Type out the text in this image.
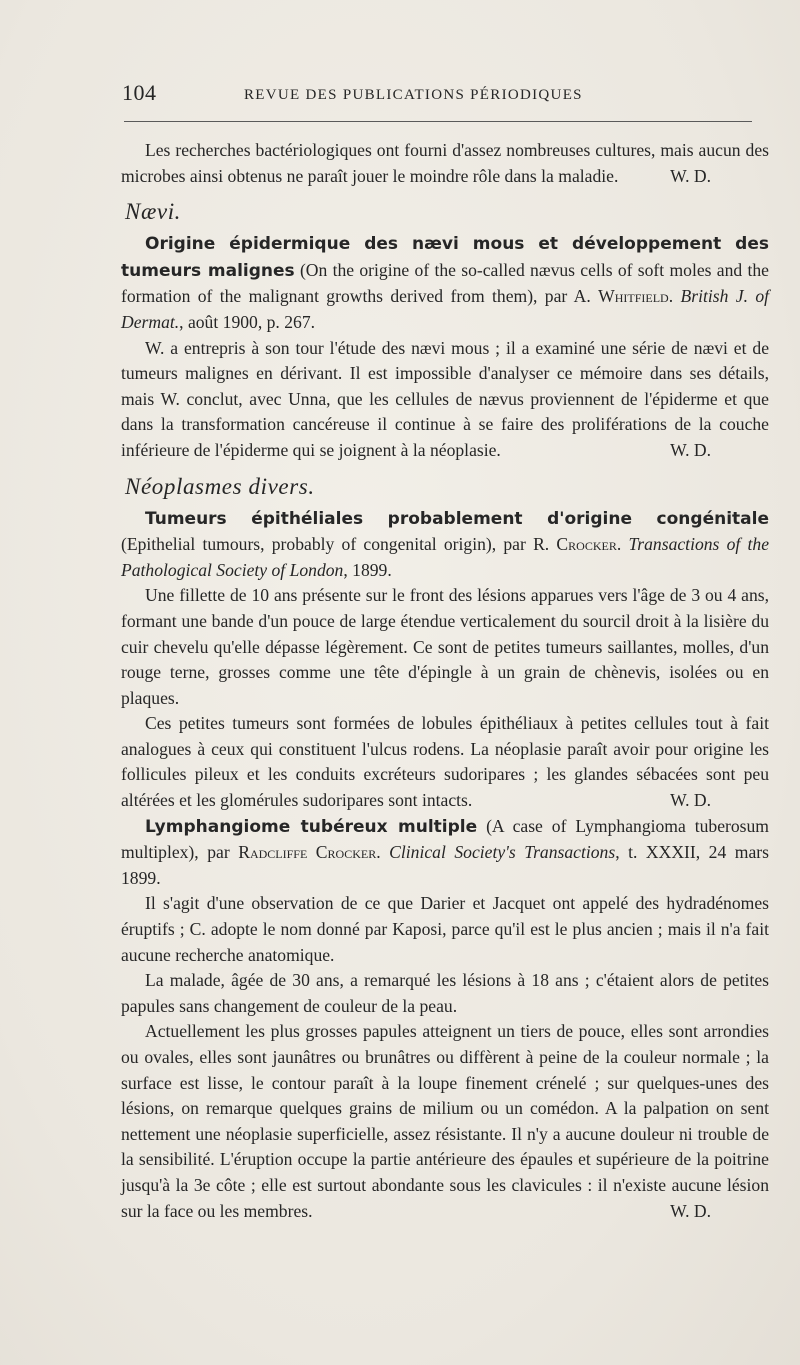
104	REVUE DES PUBLICATIONS PÉRIODIQUES

Les recherches bactériologiques ont fourni d'assez nombreuses cultures, mais aucun des microbes ainsi obtenus ne paraît jouer le moindre rôle dans la maladie.	W. D.

Nævi.

Origine épidermique des nævi mous et développement des tumeurs malignes (On the origine of the so-called nævus cells of soft moles and the formation of the malignant growths derived from them), par A. Whitfield. British J. of Dermat., août 1900, p. 267.

W. a entrepris à son tour l'étude des nævi mous ; il a examiné une série de nævi et de tumeurs malignes en dérivant. Il est impossible d'analyser ce mémoire dans ses détails, mais W. conclut, avec Unna, que les cellules de nævus proviennent de l'épiderme et que dans la transformation cancéreuse il continue à se faire des proliférations de la couche inférieure de l'épiderme qui se joignent à la néoplasie.	W. D.

Néoplasmes divers.

Tumeurs épithéliales probablement d'origine congénitale (Epithelial tumours, probably of congenital origin), par R. Crocker. Transactions of the Pathological Society of London, 1899.

Une fillette de 10 ans présente sur le front des lésions apparues vers l'âge de 3 ou 4 ans, formant une bande d'un pouce de large étendue verticalement du sourcil droit à la lisière du cuir chevelu qu'elle dépasse légèrement. Ce sont de petites tumeurs saillantes, molles, d'un rouge terne, grosses comme une tête d'épingle à un grain de chènevis, isolées ou en plaques.

Ces petites tumeurs sont formées de lobules épithéliaux à petites cellules tout à fait analogues à ceux qui constituent l'ulcus rodens. La néoplasie paraît avoir pour origine les follicules pileux et les conduits excréteurs sudoripares ; les glandes sébacées sont peu altérées et les glomérules sudoripares sont intacts.	W. D.

Lymphangiome tubéreux multiple (A case of Lymphangioma tuberosum multiplex), par Radcliffe Crocker. Clinical Society's Transactions, t. XXXII, 24 mars 1899.

Il s'agit d'une observation de ce que Darier et Jacquet ont appelé des hydradénomes éruptifs ; C. adopte le nom donné par Kaposi, parce qu'il est le plus ancien ; mais il n'a fait aucune recherche anatomique.

La malade, âgée de 30 ans, a remarqué les lésions à 18 ans ; c'étaient alors de petites papules sans changement de couleur de la peau.

Actuellement les plus grosses papules atteignent un tiers de pouce, elles sont arrondies ou ovales, elles sont jaunâtres ou brunâtres ou diffèrent à peine de la couleur normale ; la surface est lisse, le contour paraît à la loupe finement crénelé ; sur quelques-unes des lésions, on remarque quelques grains de milium ou un comédon. A la palpation on sent nettement une néoplasie superficielle, assez résistante. Il n'y a aucune douleur ni trouble de la sensibilité. L'éruption occupe la partie antérieure des épaules et supérieure de la poitrine jusqu'à la 3e côte ; elle est surtout abondante sous les clavicules : il n'existe aucune lésion sur la face ou les membres.	W. D.
